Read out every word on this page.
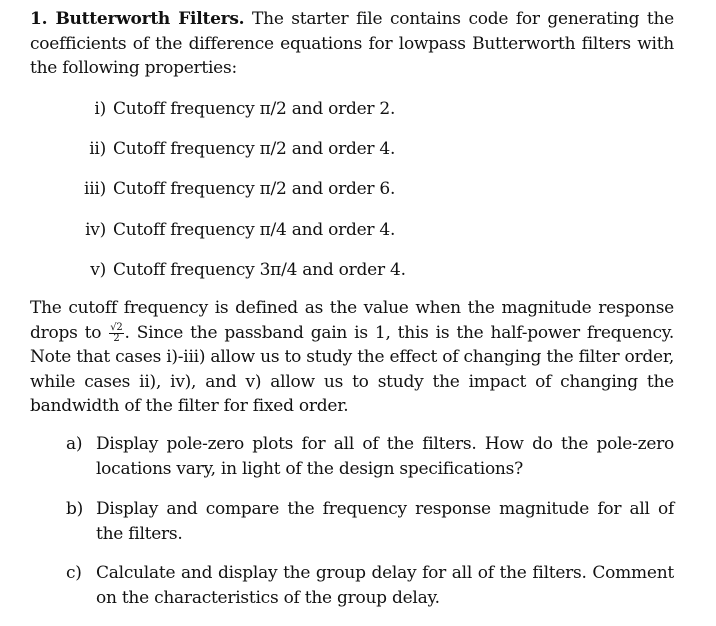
1. Butterworth Filters. The starter file contains code for generating the coefficients of the difference equations for lowpass Butterworth filters with the following properties:

i) Cutoff frequency π/2 and order 2.

ii) Cutoff frequency π/2 and order 4.

iii) Cutoff frequency π/2 and order 6.

iv) Cutoff frequency π/4 and order 4.

v) Cutoff frequency 3π/4 and order 4.

The cutoff frequency is defined as the value when the magnitude response drops to $\frac{√2}{2}$ . Since the passband gain is 1, this is the half-power frequency. Note that cases i)-iii) allow us to study the effect of changing the filter order, while cases ii), iv), and v) allow us to study the impact of changing the bandwidth of the filter for fixed order.

a) Display pole-zero plots for all of the filters. How do the pole-zero locations vary, in light of the design specifications?
b) Display and compare the frequency response magnitude for all of the filters.
c) Calculate and display the group delay for all of the filters. Comment on the characteristics of the group delay.
